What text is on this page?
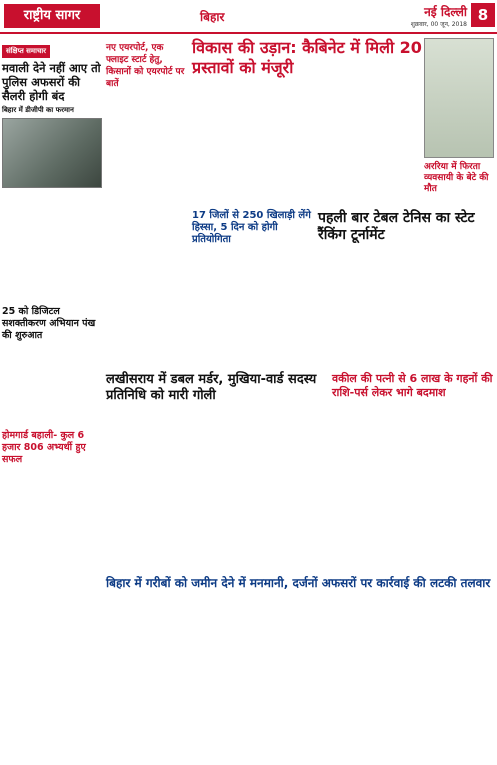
राष्ट्रीय सागर	बिहार	नई दिल्ली
शुक्रवार, 00 जून, 2018
8
संक्षिप्त समाचार
मवाली देने नहीं आए तो पुलिस अफसरों की सैलरी होगी बंद
बिहार में डीजीपी का फरमान
25 को डिजिटल सशक्तीकरण अभियान पंख की शुरुआत
होमगार्ड बहाली- कुल 6 हजार 806 अभ्यर्थी हुए सफल
नए एयरपोर्ट, एक फ्लाइट स्टार्ट हेतु, किसानों को एयरपोर्ट पर बातें
विकास की उड़ान: कैबिनेट में मिली 20 प्रस्तावों को मंजूरी
17 जिलों से 250 खिलाड़ी लेंगे हिस्सा, 5 दिन को होगी प्रतियोगिता
पहली बार टेबल टेनिस का स्टेट रैंकिंग टूर्नामेंट
अररिया में फिरता व्यवसायी के बेटे की मौत
लखीसराय में डबल मर्डर, मुखिया-वार्ड सदस्य प्रतिनिधि को मारी गोली
वकील की पत्नी से 6 लाख के गहनों की राशि-पर्स लेकर भागे बदमाश
बिहार में गरीबों को जमीन देने में मनमानी, दर्जनों अफसरों पर कार्रवाई की लटकी तलवार
